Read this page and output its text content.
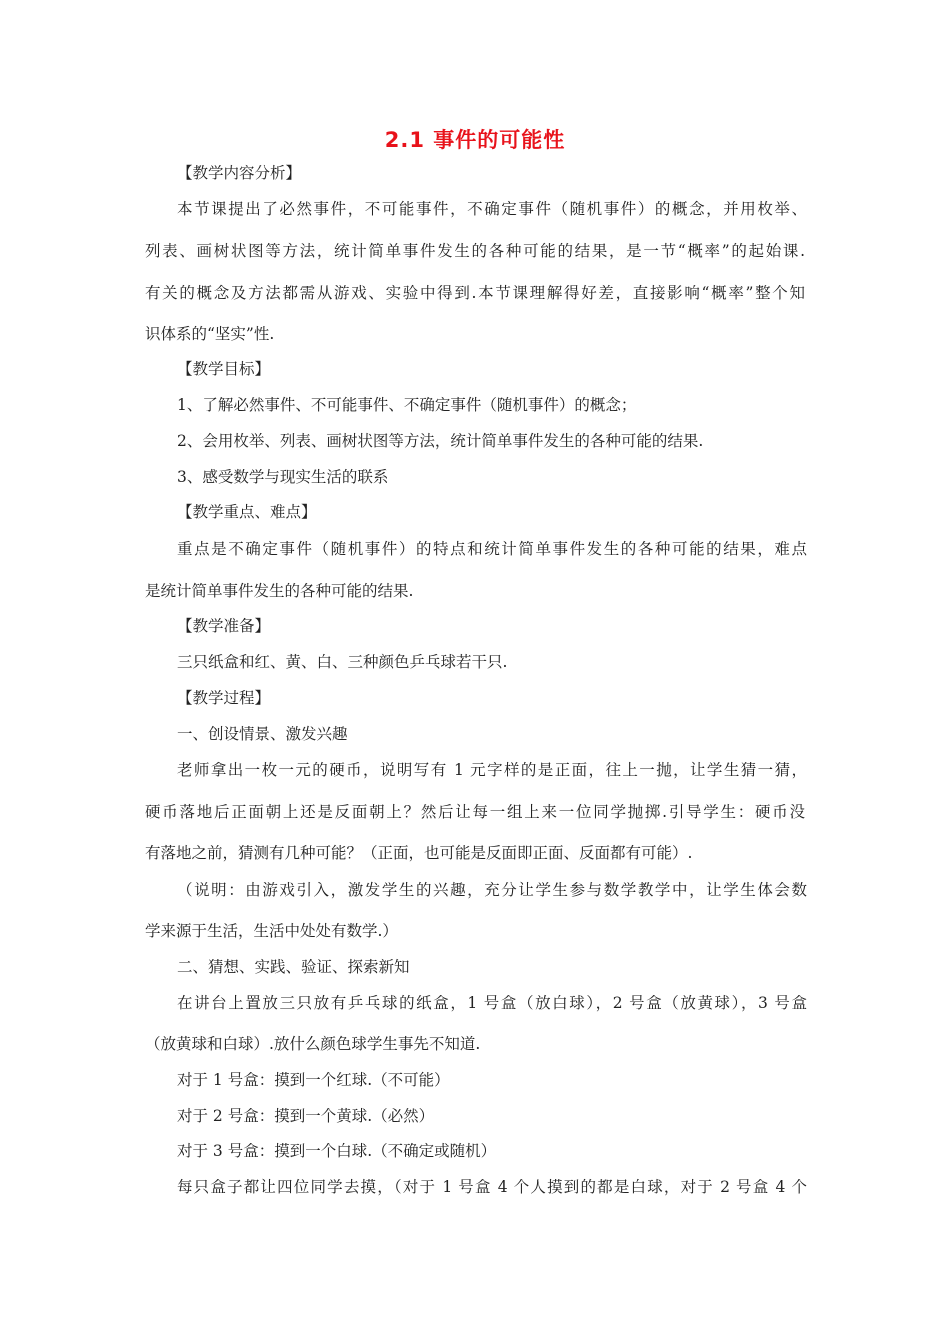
2.1 事件的可能性
【教学内容分析】
本节课提出了必然事件，不可能事件，不确定事件（随机事件）的概念，并用枚举、
列表、画树状图等方法，统计简单事件发生的各种可能的结果，是一节“概率”的起始课.
有关的概念及方法都需从游戏、实验中得到.本节课理解得好差，直接影响“概率”整个知
识体系的“坚实”性.
【教学目标】
1、了解必然事件、不可能事件、不确定事件（随机事件）的概念；
2、会用枚举、列表、画树状图等方法，统计简单事件发生的各种可能的结果.
3、感受数学与现实生活的联系
【教学重点、难点】
重点是不确定事件（随机事件）的特点和统计简单事件发生的各种可能的结果，难点
是统计简单事件发生的各种可能的结果.
【教学准备】
三只纸盒和红、黄、白、三种颜色乒乓球若干只.
【教学过程】
一、创设情景、激发兴趣
老师拿出一枚一元的硬币，说明写有 1 元字样的是正面，往上一抛，让学生猜一猜，
硬币落地后正面朝上还是反面朝上？然后让每一组上来一位同学抛掷.引导学生：硬币没
有落地之前，猜测有几种可能？（正面，也可能是反面即正面、反面都有可能）.
（说明：由游戏引入，激发学生的兴趣，充分让学生参与数学教学中，让学生体会数
学来源于生活，生活中处处有数学.）
二、猜想、实践、验证、探索新知
在讲台上置放三只放有乒乓球的纸盒，1 号盒（放白球），2 号盒（放黄球），3 号盒
（放黄球和白球）.放什么颜色球学生事先不知道.
对于 1 号盒：摸到一个红球.（不可能）
对于 2 号盒：摸到一个黄球.（必然）
对于 3 号盒：摸到一个白球.（不确定或随机）
每只盒子都让四位同学去摸，（对于 1 号盒 4 个人摸到的都是白球，对于 2 号盒 4 个
